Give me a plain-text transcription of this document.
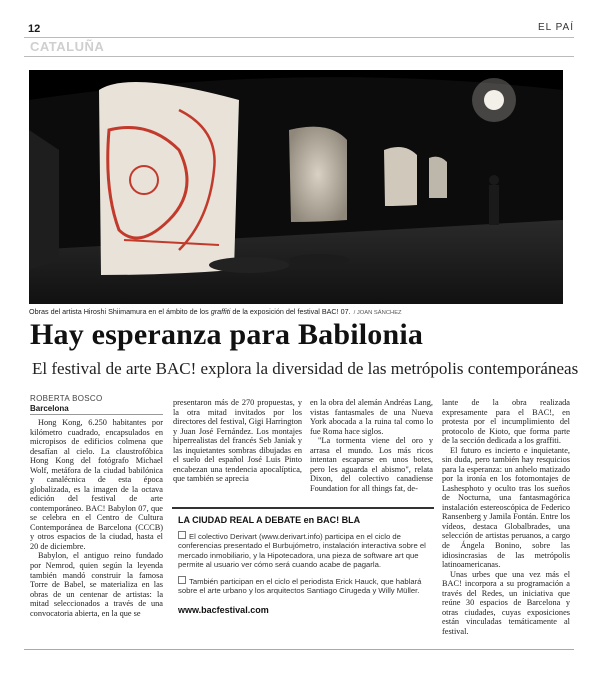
12	EL PAÍ
CATALUÑA
Obras del artista Hiroshi Shiimamura en el ámbito de los graffiti de la exposición del festival BAC! 07. / JOAN SÁNCHEZ
Hay esperanza para Babilonia
El festival de arte BAC! explora la diversidad de las metrópolis contemporáneas
ROBERTA BOSCO
Barcelona

Hong Kong, 6.250 habitantes por kilómetro cuadrado, encapsulados en micropisos de edificios colmena que desafían al cielo. La claustrofóbica Hong Kong del fotógrafo Michael Wolf, metáfora de la ciudad babilónica y canalécnica de esta época globalizada, es la imagen de la octava edición del festival de arte contemporáneo. BAC! Babylon 07, que se celebra en el Centro de Cultura Contemporánea de Barcelona (CCCB) y otros espacios de la ciudad, hasta el 20 de diciembre.

Babylon, el antiguo reino fundado por Nemrod, quien según la leyenda también mandó construir la famosa Torre de Babel, se materializa en las obras de un centenar de artistas: la mitad seleccionados a través de una convocatoria abierta, en la que se

presentaron más de 270 propuestas, y la otra mitad invitados por los directores del festival, Gigi Harrington y Juan José Fernández. Los montajes hiperrealistas del francés Seb Janiak y las inquietantes sombras dibujadas en el suelo del español José Luis Pinto encabezan una tendencia apocalíptica, que también se aprecia

en la obra del alemán Andréas Lang, vistas fantasmales de una Nueva York abocada a la ruina tal como lo fue Roma hace siglos.

"La tormenta viene del oro y arrasa el mundo. Los más ricos intentan escaparse en unos botes, pero les aguarda el abismo", relata Dixon, del colectivo canadiense Foundation for all things fat, de-

lante de la obra realizada expresamente para el BAC!, en protesta por el incumplimiento del protocolo de Kioto, que forma parte de la sección dedicada a los graffiti.

El futuro es incierto e inquietante, sin duda, pero también hay resquicios para la esperanza: un anhelo matizado por la ironía en los fotomontajes de Lashesphoto y oculto tras los sueños de Nocturna, una fantasmagórica instalación estereoscópica de Federico Ransenberg y Jamila Fontán. Entre los vídeos, destaca Globalbrades, una selección de artistas peruanos, a cargo de Ángela Bonino, sobre las idiosincrasias de las metrópolis latinoamericanas.

Unas urbes que una vez más el BAC! incorpora a su programación a través del Redes, un iniciativa que reúne 30 espacios de Barcelona y otras ciudades, cuyas exposiciones están vinculadas temáticamente al festival.

LA CIUDAD REAL A DEBATE en BAC! BLA
El colectivo Derivart (www.derivart.info) participa en el ciclo de conferencias presentado el Burbujómetro, instalación interactiva sobre el mercado inmobiliario, y la Hipotecadora, una pieza de software art que permite al usuario ver cómo será cuando acabe de pagarla.
También participan en el ciclo el periodista Erick Hauck, que hablará sobre el arte urbano y los arquitectos Santiago Cirugeda y Willy Müller.
www.bacfestival.com
